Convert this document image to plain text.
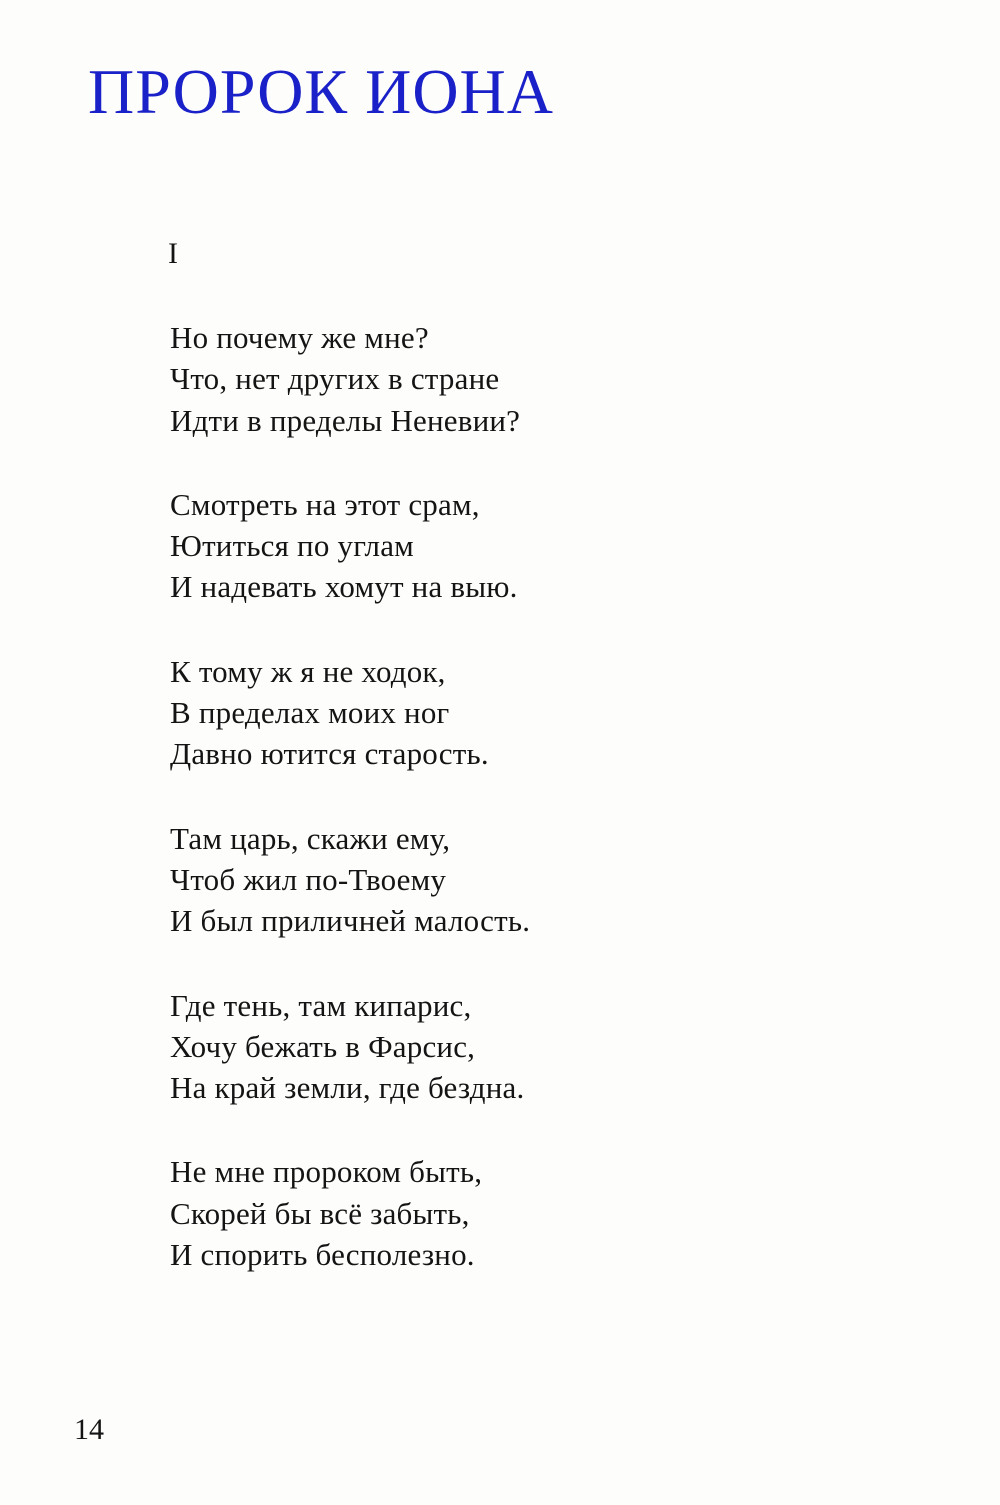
ПРОРОК ИОНА
I
Но почему же мне?
Что, нет других в стране
Идти в пределы Неневии?
Смотреть на этот срам,
Ютиться по углам
И надевать хомут на выю.
К тому ж я не ходок,
В пределах моих ног
Давно ютится старость.
Там царь, скажи ему,
Чтоб жил по-Твоему
И был приличней малость.
Где тень, там кипарис,
Хочу бежать в Фарсис,
На край земли, где бездна.
Не мне пророком быть,
Скорей бы всё забыть,
И спорить бесполезно.
14
